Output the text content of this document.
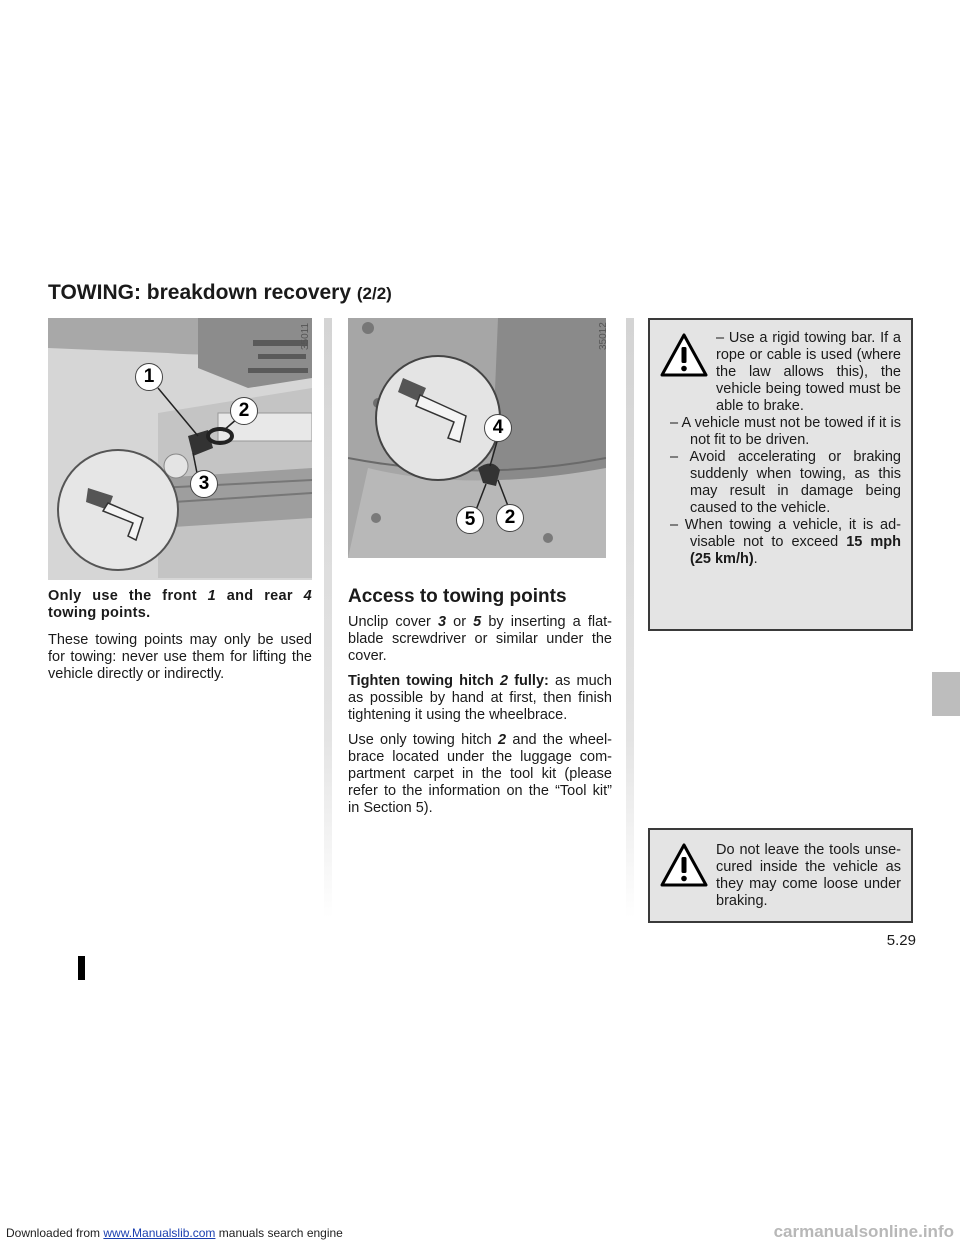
TOWING: breakdown recovery (2/2)
1
2
3
35011
4
5	2
35012

Only use the front 1 and rear 4 towing points.

These towing points may only be used for towing: never use them for lifting the vehicle directly or indirectly.

Access to towing points

Unclip cover 3 or 5 by inserting a flat-blade screwdriver or similar under the cover.

Tighten towing hitch 2 fully: as much as possible by hand at first, then finish tightening it using the wheelbrace.

Use only towing hitch 2 and the wheel-brace located under the luggage com-partment carpet in the tool kit (please refer to the information on the “Tool kit” in Section 5).

– Use a rigid towing bar. If a rope or cable is used (where the law allows this), the vehicle being towed must be able to brake.

– A vehicle must not be towed if it is not fit to be driven.

– Avoid accelerating or braking suddenly when towing, as this may result in damage being caused to the vehicle.

– When towing a vehicle, it is ad-visable not to exceed 15 mph (25 km/h).

Do not leave the tools unse-cured inside the vehicle as they may come loose under braking.

5.29
Downloaded from www.Manualslib.com manuals search engine	carmanualsonline.info
